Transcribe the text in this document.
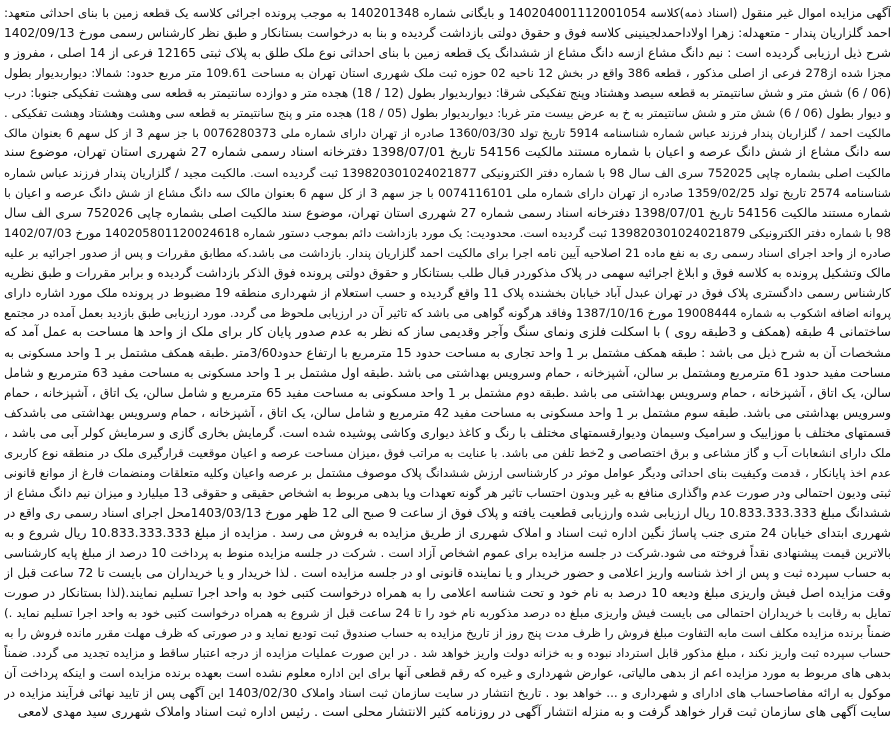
آگهی مزایده اموال غیر منقول (اسناد ذمه)کلاسه 140204001112001054 و بایگانی شماره 140201348 به موجب پرونده اجرائی کلاسه یک قطعه زمین با بنای احداثی متعهد:
احمد گلزاریان پندار - متعهدله: زهرا اولاداحمدلجینینی کلاسه فوق و حقوق دولتی بازداشت گردیده و بنا به درخواست بستانکار و طبق نظر کارشناس رسمی مورخ 1402/09/13
شرح ذیل ارزیابی گردیده است : نیم دانگ مشاع ازسه دانگ مشاع از ششدانگ یک قطعه زمین با بنای احداثی نوع ملک طلق به پلاک ثبتی 12165 فرعی از 14 اصلی ، مفروز و
مجزا شده از278 فرعی از اصلی مذکور ، قطعه 386 واقع در بخش 12 ناحیه 02 حوزه ثبت ملک شهرری استان تهران به مساحت 109.61 متر مربع حدود: شمالا: دیواربدیوار بطول
(06 / 6) شش متر و شش سانتیمتر به قطعه سیصد وهشتاد وپنج تفکیکی شرقا: دیواربدیوار بطول (12 / 18) هجده متر و دوازده سانتیمتر به قطعه سی وهشت تفکیکی جنوبا: درب
و دیوار بطول (06 / 6) شش متر و شش سانتیمتر به خ به عرض بیست متر غربا: دیواربدیوار بطول (05 / 18) هجده متر و پنج سانتیمتر به قطعه سی وهشت وهشتاد وهشت تفکیکی .
مالکیت احمد / گلزاریان پندار فرزند عباس شماره شناسنامه 5914 تاریخ تولد 1360/03/30 صادره از تهران دارای شماره ملی 0076280373 با جز سهم 3 از کل سهم 6 بعنوان مالک
سه دانگ مشاع از شش دانگ عرصه و اعیان با شماره مستند مالکیت 54156 تاریخ 1398/07/01 دفترخانه اسناد رسمی شماره 27 شهرری استان تهران، موضوع سند
مالکیت اصلی بشماره چاپی 752025 سری الف سال 98 با شماره دفتر الکترونیکی 139820301024021877 ثبت گردیده است. مالکیت مجید / گلزاریان پندار فرزند عباس شماره
شناسنامه 2574 تاریخ تولد 1359/02/25 صادره از تهران دارای شماره ملی 0074116101 با جز سهم 3 از کل سهم 6 بعنوان مالک سه دانگ مشاع از شش دانگ عرصه و اعیان با
شماره مستند مالکیت 54156 تاریخ 1398/07/01 دفترخانه اسناد رسمی شماره 27 شهرری استان تهران، موضوع سند مالکیت اصلی بشماره چاپی 752026 سری الف سال
98 با شماره دفتر الکترونیکی 139820301024021879 ثبت گردیده است. محدودیت: یک مورد بازداشت دائم بموجب دستور شماره 140205801120024618 مورخ 1402/07/03
صادره از واحد اجرای اسناد رسمی ری به نفع ماده 21 اصلاحیه آیین نامه اجرا برای مالکیت احمد گلزاریان پندار. بازداشت می باشد.که مطابق مقررات و پس از صدور اجرائیه بر علیه
مالک وتشکیل پرونده به کلاسه فوق و ابلاغ اجرائیه سهمی در پلاک مذکوردر قبال طلب بستانکار و حقوق دولتی پرونده فوق الذکر بازداشت گردیده و برابر مقررات و طبق نظریه
کارشناس رسمی دادگستری پلاک فوق در تهران عبدل آباد خیابان بخشنده پلاک 11 واقع گردیده و حسب استعلام از شهرداری منطقه 19 مضبوط در پرونده ملک مورد اشاره دارای
پروانه اضافه اشکوب به شماره 19008444 مورخ 1387/10/16 وفاقد هرگونه گواهی می باشد که تاثیر آن در ارزیابی ملحوظ می گردد. مورد ارزیابی طبق بازدید بعمل آمده در مجتمع
ساختمانی 4 طبقه (همکف و 3طبقه روی ) با اسکلت فلزی ونمای سنگ وآجر وقدیمی ساز که نظر به عدم صدور پایان کار برای ملک از واحد ها مساحت به عمل آمد که
مشخصات آن به شرح ذیل می باشد : طبقه همکف مشتمل بر 1 واحد تجاری به مساحت حدود 15 مترمربع با ارتفاع حدود3/60متر .طبقه همکف مشتمل بر 1 واحد مسکونی به
مساحت مفید حدود 61 مترمربع ومشتمل بر سالن، آشپزخانه ، حمام وسرویس بهداشتی می باشد .طبقه اول مشتمل بر 1 واحد مسکونی به مساحت مفید 63 مترمربع و شامل
سالن، یک اتاق ، آشپزخانه ، حمام وسرویس بهداشتی می باشد .طبقه دوم مشتمل بر 1 واحد مسکونی به مساحت مفید 65 مترمربع و شامل سالن، یک اتاق ، آشپزخانه ، حمام
وسرویس بهداشتی می باشد. طبقه سوم مشتمل بر 1 واحد مسکونی به مساحت مفید 42 مترمربع و شامل سالن، یک اتاق ، آشپزخانه ، حمام وسرویس بهداشتی می باشدکف
قسمتهای مختلف با موزاییک و سرامیک وسیمان ودیوارقسمتهای مختلف با رنگ و کاغذ دیواری وکاشی پوشیده شده است. گرمایش بخاری گازی و سرمایش کولر آبی می باشد ،
ملک دارای انشعابات آب و گاز مشاعی و برق اختصاصی و 2خط تلفن می باشد. با عنایت به مراتب فوق ،میزان مساحت عرصه و اعیان موقعیت قرارگیری ملک در منطقه نوع کاربری
عدم اخذ پایانکار ، قدمت وکیفیت بنای احداثی ودیگر عوامل موثر در کارشناسی ارزش ششدانگ پلاک موصوف مشتمل بر عرصه واعیان وکلیه متعلقات ومنضمات فارغ از موانع قانونی
ثبتی ودیون احتمالی ودر صورت عدم واگذاری منافع به غیر وبدون احتساب تاثیر هر گونه تعهدات ویا بدهی مربوط به اشخاص حقیقی و حقوقی 13 میلیارد و میزان نیم دانگ مشاع از
ششدانگ مبلغ 10.833.333.333 ریال ارزیابی شده وارزیابی قطعیت یافته و پلاک فوق از ساعت 9 صبح الی 12 ظهر مورخ 1403/03/13محل اجرای اسناد رسمی ری واقع در
شهرری ابتدای خیابان 24 متری جنب پاساژ نگین اداره ثبت اسناد و املاک شهرری از طریق مزایده به فروش می رسد . مزایده از مبلغ 10.833.333.333 ریال شروع و به
بالاترین قیمت پیشنهادی نقداً فروخته می شود.شرکت در جلسه مزایده برای عموم اشخاص آزاد است . شرکت در جلسه مزایده منوط به پرداخت 10 درصد از مبلغ پایه کارشناسی
به حساب سپرده ثبت و پس از اخذ شناسه واریز اعلامی و حضور خریدار و یا نماینده قانونی او در جلسه مزایده است . لذا خریدار و یا خریداران می بایست تا 72 ساعت قبل از
وقت مزایده اصل فیش واریزی مبلغ ودیعه 10 درصد به نام خود و تحت شناسه اعلامی را به همراه درخواست کتبی خود به واحد اجرا تسلیم نمایند.(لذا بستانکار در صورت
تمایل به رقابت با خریداران احتمالی می بایست فیش واریزی مبلغ ده درصد مذکوربه نام خود را تا 24 ساعت قبل از شروع به همراه درخواست کتبی خود به واحد اجرا تسلیم نماید .)
ضمناً برنده مزایده مکلف است مابه التفاوت مبلغ فروش را ظرف مدت پنج روز از تاریخ مزایده به حساب صندوق ثبت تودیع نماید و در صورتی که ظرف مهلت مقرر مانده فروش را به
حساب سپرده ثبت واریز نکند ، مبلغ مذکور قابل استرداد نبوده و به خزانه دولت واریز خواهد شد . در این صورت عملیات مزایده از درجه اعتبار ساقط و مزایده تجدید می گردد. ضمناً
بدهی های مربوط به مورد مزایده اعم از بدهی مالیاتی، عوارض شهرداری و غیره که رقم قطعی آنها برای این اداره معلوم نشده است بعهده برنده مزایده است و اینکه پرداخت آن
موکول به ارائه مفاصاحساب های ادارای و شهرداری و ... خواهد بود . تاریخ انتشار در سایت سازمان ثبت اسناد واملاک 1403/02/30 این آگهی پس از تایید نهائی فرآیند مزایده در
سایت آگهی های سازمان ثبت قرار خواهد گرفت و به منزله انتشار آگهی در روزنامه کثیر الانتشار محلی است . رئیس اداره ثبت اسناد واملاک شهرری سید مهدی لامعی
